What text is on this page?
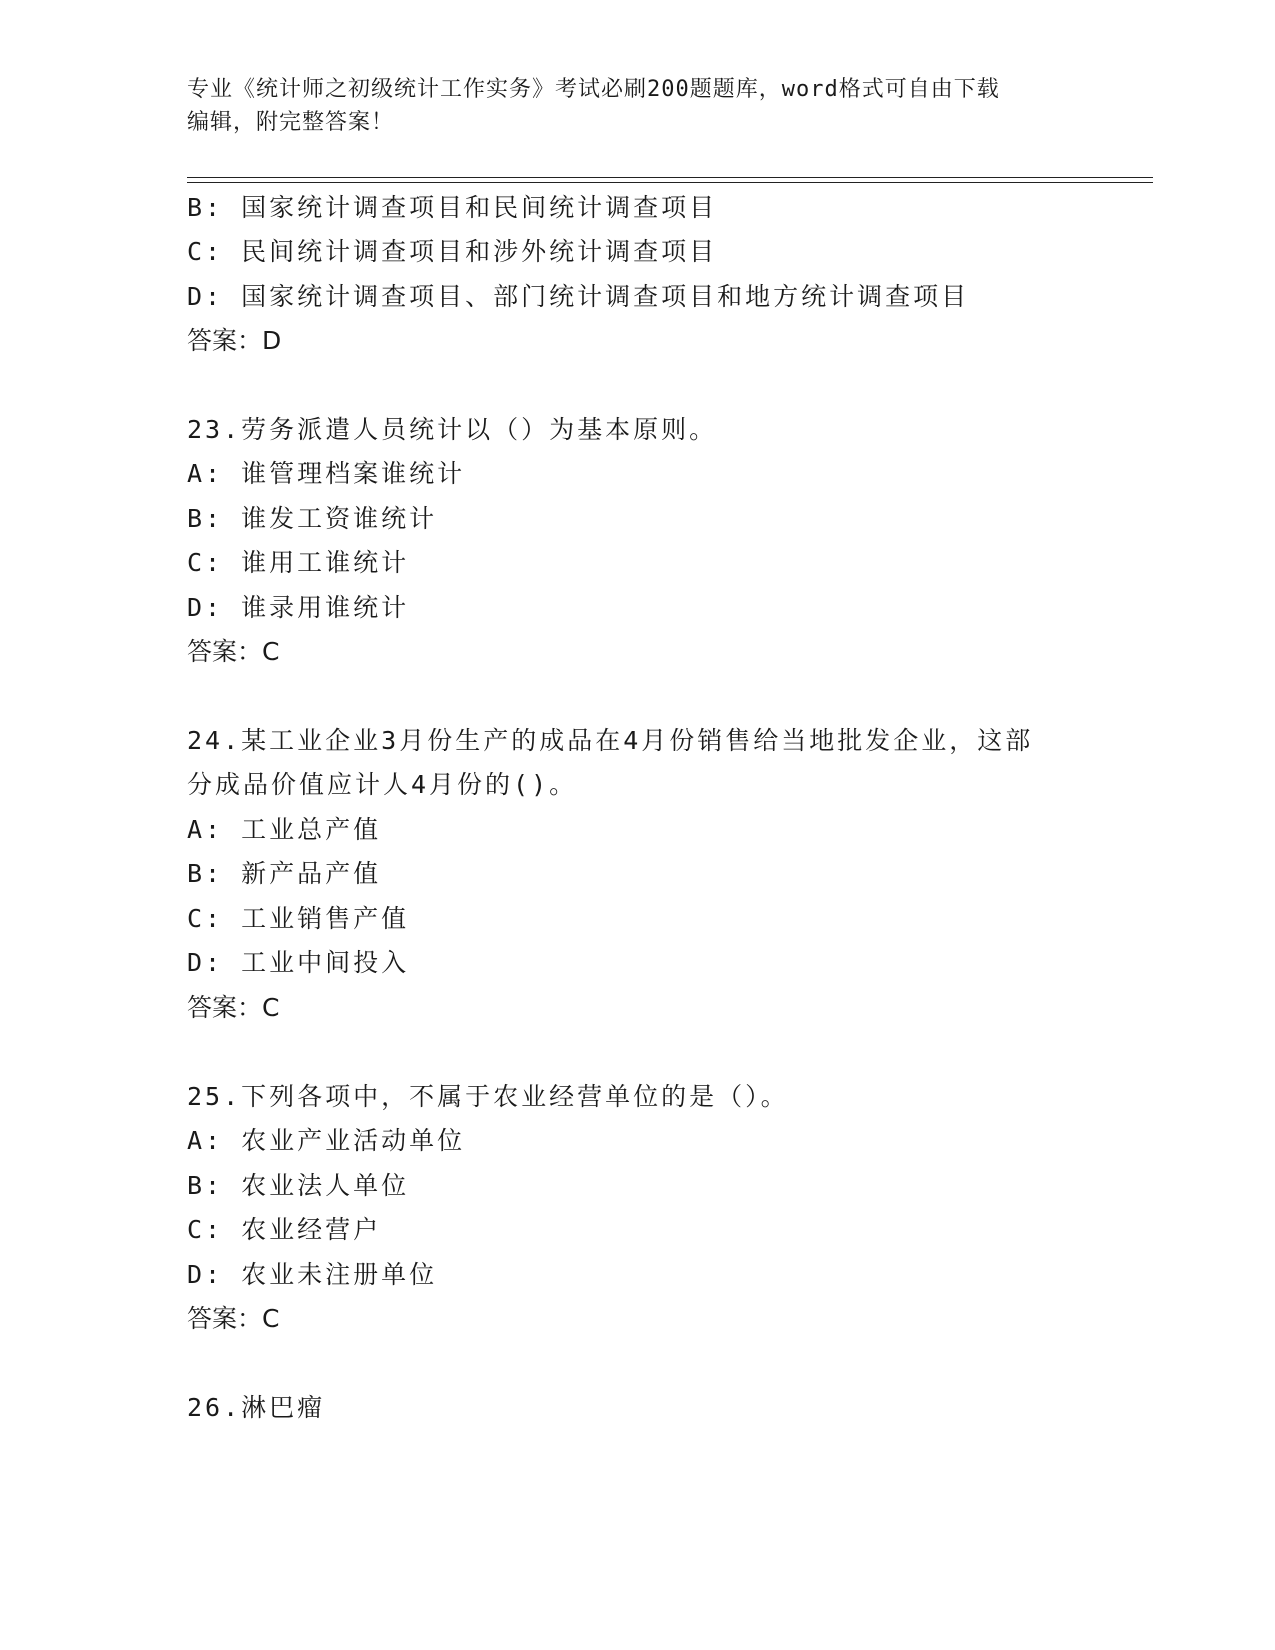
专业《统计师之初级统计工作实务》考试必刷200题题库，word格式可自由下载
编辑，附完整答案！
B: 国家统计调查项目和民间统计调查项目
C: 民间统计调查项目和涉外统计调查项目
D: 国家统计调查项目、部门统计调查项目和地方统计调查项目
答案：D
23.劳务派遣人员统计以（）为基本原则。
A: 谁管理档案谁统计
B: 谁发工资谁统计
C: 谁用工谁统计
D: 谁录用谁统计
答案：C
24.某工业企业3月份生产的成品在4月份销售给当地批发企业，这部
分成品价值应计人4月份的()。
A: 工业总产值
B: 新产品产值
C: 工业销售产值
D: 工业中间投入
答案：C
25.下列各项中，不属于农业经营单位的是（）。
A: 农业产业活动单位
B: 农业法人单位
C: 农业经营户
D: 农业未注册单位
答案：C
26.淋巴瘤
